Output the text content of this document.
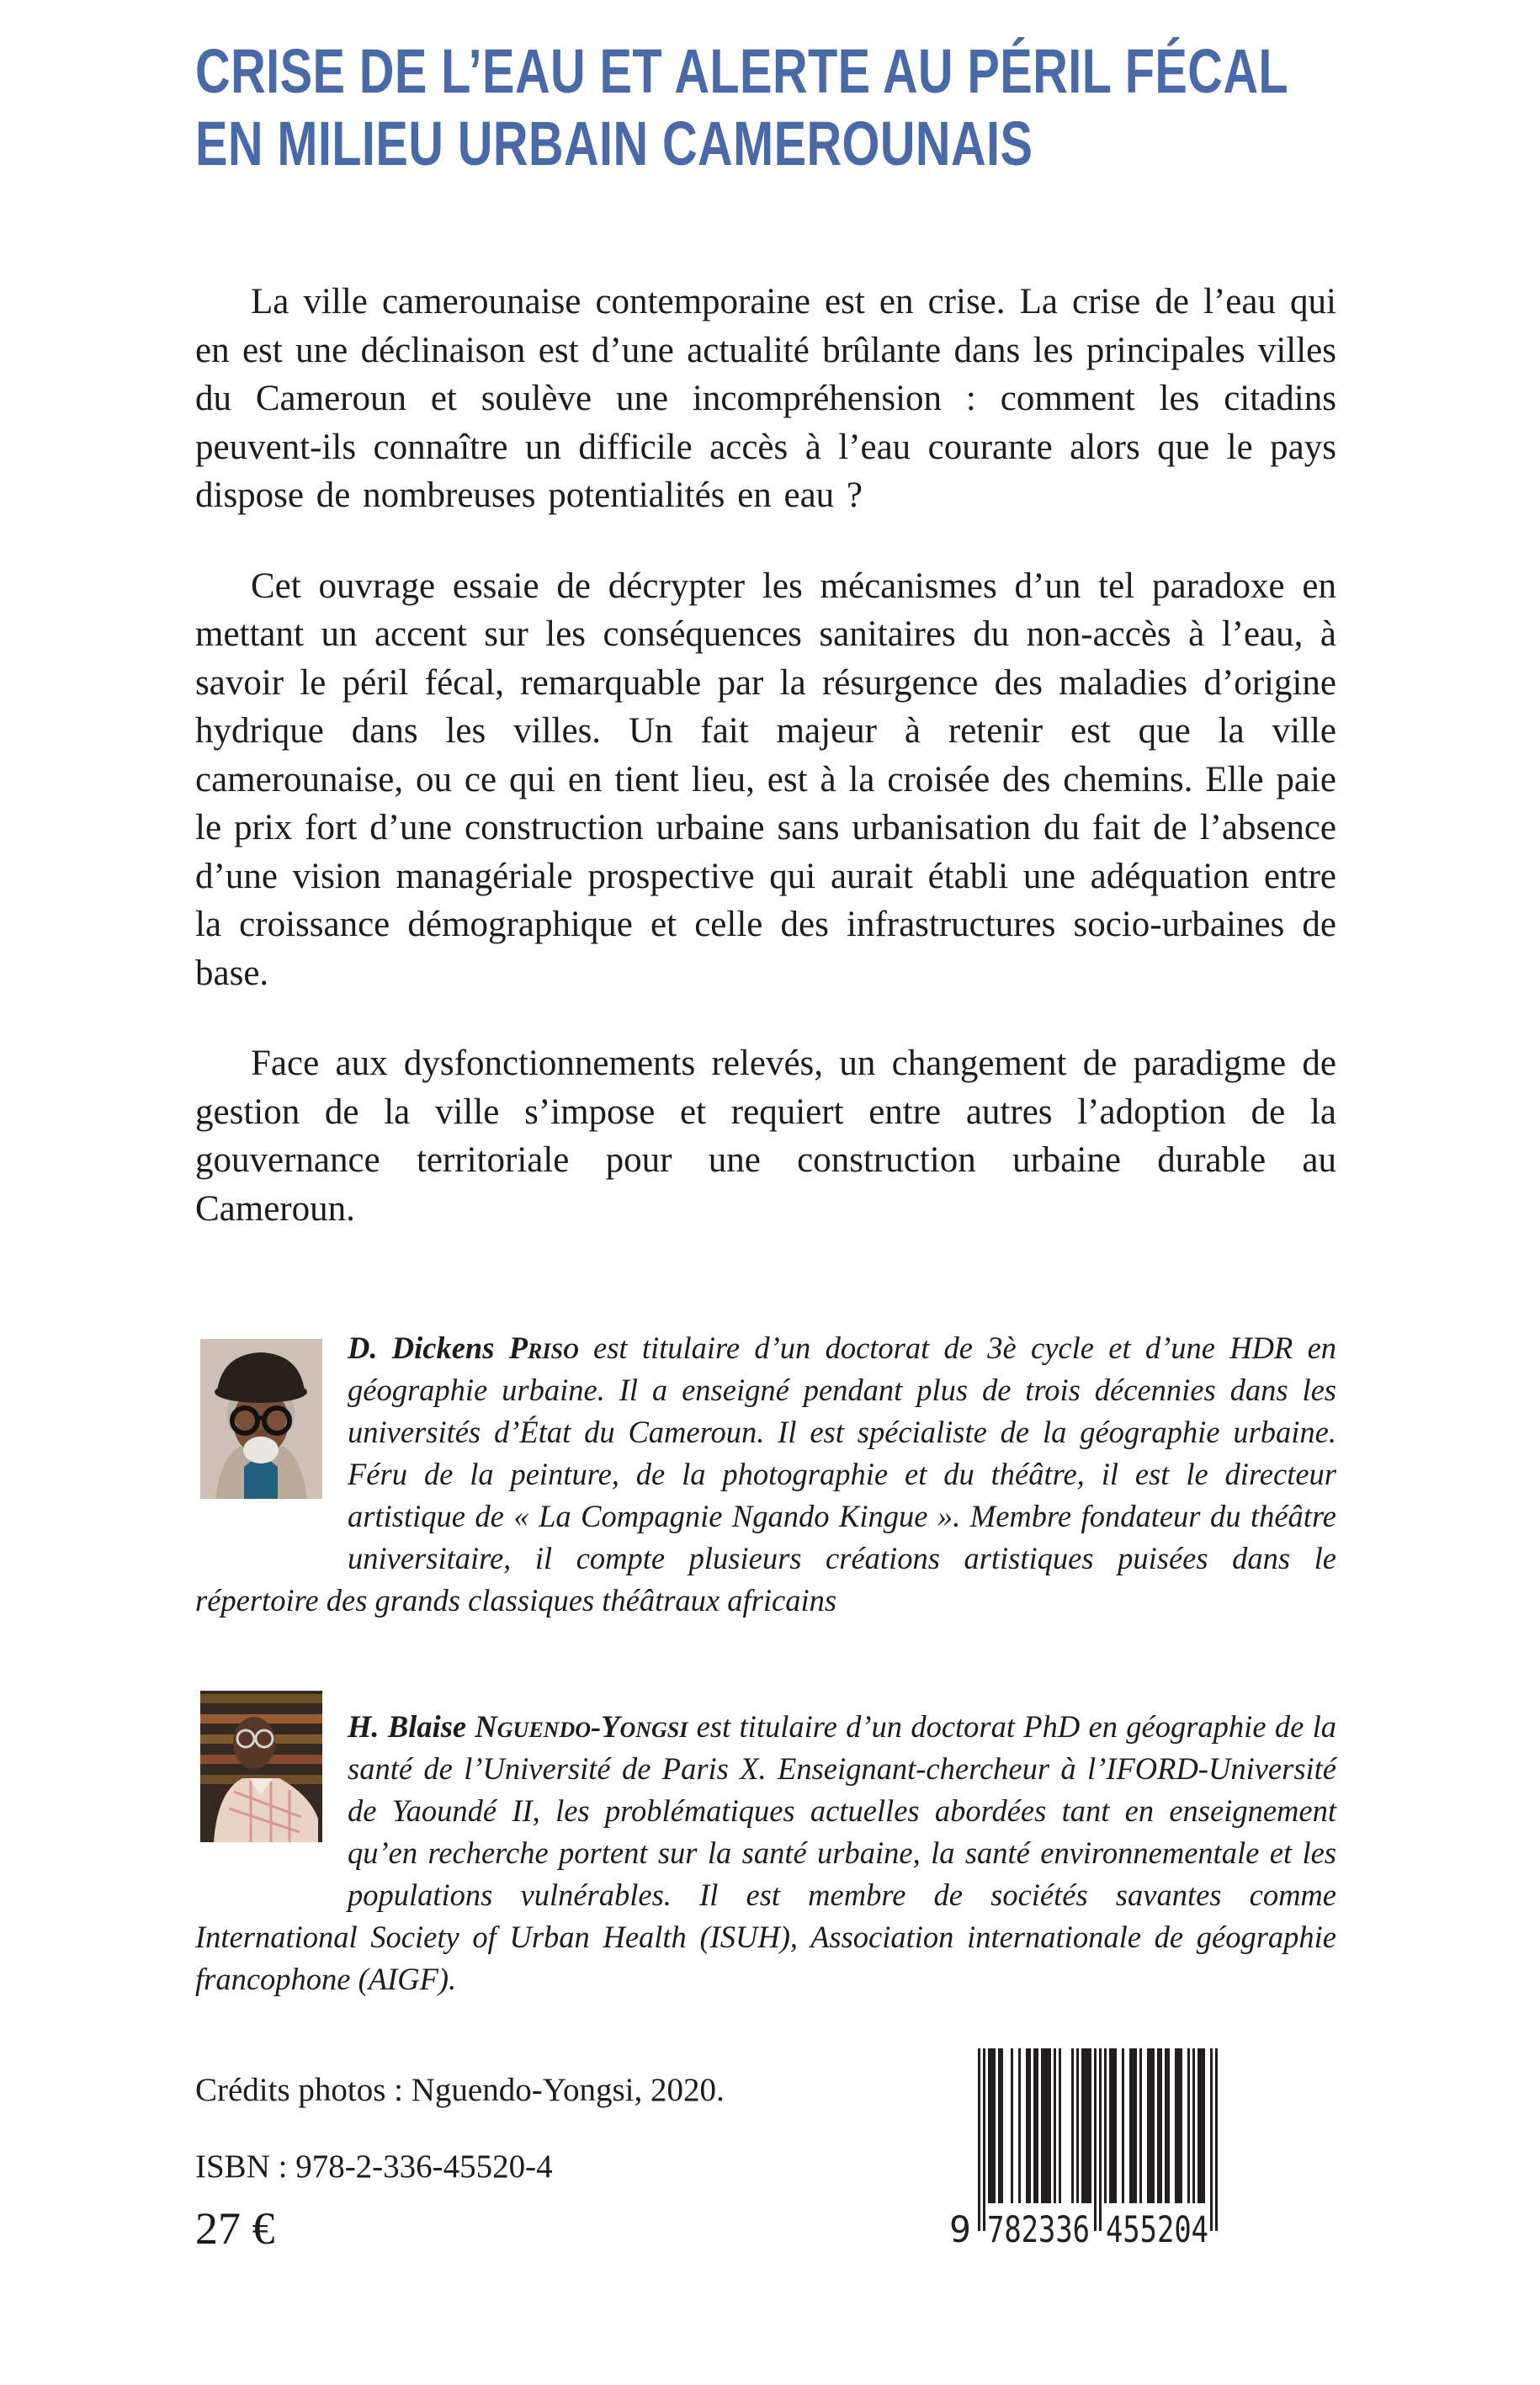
CRISE DE L’EAU ET ALERTE AU PÉRIL FÉCAL
EN MILIEU URBAIN CAMEROUNAIS

La ville camerounaise contemporaine est en crise. La crise de l’eau qui en est une déclinaison est d’une actualité brûlante dans les principales villes du Cameroun et soulève une incompréhension : comment les citadins peuvent-ils connaître un difficile accès à l’eau courante alors que le pays dispose de nombreuses potentialités en eau ?

Cet ouvrage essaie de décrypter les mécanismes d’un tel paradoxe en mettant un accent sur les conséquences sanitaires du non-accès à l’eau, à savoir le péril fécal, remarquable par la résurgence des maladies d’origine hydrique dans les villes. Un fait majeur à retenir est que la ville camerounaise, ou ce qui en tient lieu, est à la croisée des chemins. Elle paie le prix fort d’une construction urbaine sans urbanisation du fait de l’absence d’une vision managériale prospective qui aurait établi une adéquation entre la croissance démographique et celle des infrastructures socio-urbaines de base.

Face aux dysfonctionnements relevés, un changement de paradigme de gestion de la ville s’impose et requiert entre autres l’adoption de la gouvernance territoriale pour une construction urbaine durable au Cameroun.

D. Dickens Priso est titulaire d’un doctorat de 3è cycle et d’une HDR en géographie urbaine. Il a enseigné pendant plus de trois décennies dans les universités d’État du Cameroun. Il est spécialiste de la géographie urbaine. Féru de la peinture, de la photographie et du théâtre, il est le directeur artistique de « La Compagnie Ngando Kingue ». Membre fondateur du théâtre universitaire, il compte plusieurs créations artistiques puisées dans le répertoire des grands classiques théâtraux africains

H. Blaise Nguendo-Yongsi est titulaire d’un doctorat PhD en géographie de la santé de l’Université de Paris X. Enseignant-chercheur à l’IFORD-Université de Yaoundé II, les problématiques actuelles abordées tant en enseignement qu’en recherche portent sur la santé urbaine, la santé environnementale et les populations vulnérables. Il est membre de sociétés savantes comme International Society of Urban Health (ISUH), Association internationale de géographie francophone (AIGF).

Crédits photos : Nguendo-Yongsi, 2020.
ISBN : 978-2-336-45520-4
27 €	9 782336 455204
